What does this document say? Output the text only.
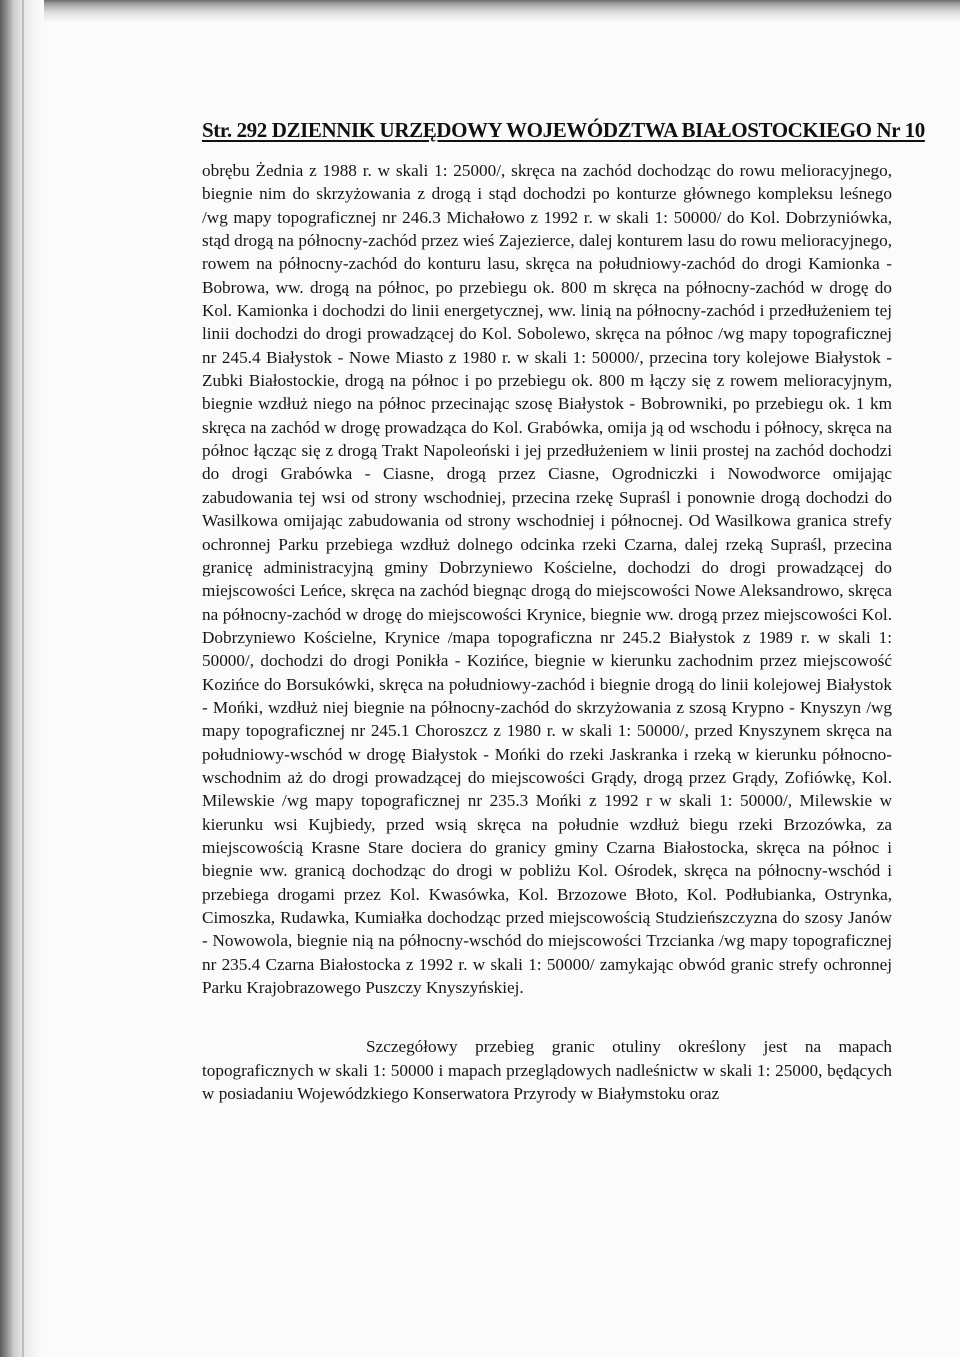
Str. 292 DZIENNIK URZĘDOWY WOJEWÓDZTWA BIAŁOSTOCKIEGO Nr 10

obrębu Żednia z 1988 r. w skali 1: 25000/, skręca na zachód dochodząc do rowu melioracyjnego, biegnie nim do skrzyżowania z drogą i stąd dochodzi po konturze głównego kompleksu leśnego /wg mapy topograficznej nr 246.3 Michałowo z 1992 r. w skali 1: 50000/ do Kol. Dobrzyniówka, stąd drogą na północny-zachód przez wieś Zajezierce, dalej konturem lasu do rowu melioracyjnego, rowem na północny-zachód do konturu lasu, skręca na południowy-zachód do drogi Kamionka - Bobrowa, ww. drogą na północ, po przebiegu ok. 800 m skręca na północny-zachód w drogę do Kol. Kamionka i dochodzi do linii energetycznej, ww. linią na północny-zachód i przedłużeniem tej linii dochodzi do drogi prowadzącej do Kol. Sobolewo, skręca na północ /wg mapy topograficznej nr 245.4 Białystok - Nowe Miasto z 1980 r. w skali 1: 50000/, przecina tory kolejowe Białystok - Zubki Białostockie, drogą na północ i po przebiegu ok. 800 m łączy się z rowem melioracyjnym, biegnie wzdłuż niego na północ przecinając szosę Białystok - Bobrowniki, po przebiegu ok. 1 km skręca na zachód w drogę prowadząca do Kol. Grabówka, omija ją od wschodu i północy, skręca na północ łącząc się z drogą Trakt Napoleoński i jej przedłużeniem w linii prostej na zachód dochodzi do drogi Grabówka - Ciasne, drogą przez Ciasne, Ogrodniczki i Nowodworce omijając zabudowania tej wsi od strony wschodniej, przecina rzekę Supraśl i ponownie drogą dochodzi do Wasilkowa omijając zabudowania od strony wschodniej i północnej. Od Wasilkowa granica strefy ochronnej Parku przebiega wzdłuż dolnego odcinka rzeki Czarna, dalej rzeką Supraśl, przecina granicę administracyjną gminy Dobrzyniewo Kościelne, dochodzi do drogi prowadzącej do miejscowości Leńce, skręca na zachód biegnąc drogą do miejscowości Nowe Aleksandrowo, skręca na północny-zachód w drogę do miejscowości Krynice, biegnie ww. drogą przez miejscowości Kol. Dobrzyniewo Kościelne, Krynice /mapa topograficzna nr 245.2 Białystok z 1989 r. w skali 1: 50000/, dochodzi do drogi Ponikła - Kozińce, biegnie w kierunku zachodnim przez miejscowość Kozińce do Borsukówki, skręca na południowy-zachód i biegnie drogą do linii kolejowej Białystok - Mońki, wzdłuż niej biegnie na północny-zachód do skrzyżowania z szosą Krypno - Knyszyn /wg mapy topograficznej nr 245.1 Choroszcz z 1980 r. w skali 1: 50000/, przed Knyszynem skręca na południowy-wschód w drogę Białystok - Mońki do rzeki Jaskranka i rzeką w kierunku północno-wschodnim aż do drogi prowadzącej do miejscowości Grądy, drogą przez Grądy, Zofiówkę, Kol. Milewskie /wg mapy topograficznej nr 235.3 Mońki z 1992 r w skali 1: 50000/, Milewskie w kierunku wsi Kujbiedy, przed wsią skręca na południe wzdłuż biegu rzeki Brzozówka, za miejscowością Krasne Stare dociera do granicy gminy Czarna Białostocka, skręca na północ i biegnie ww. granicą dochodząc do drogi w pobliżu Kol. Ośrodek, skręca na północny-wschód i przebiega drogami przez Kol. Kwasówka, Kol. Brzozowe Błoto, Kol. Podłubianka, Ostrynka, Cimoszka, Rudawka, Kumiałka dochodząc przed miejscowością Studzieńszczyzna do szosy Janów - Nowowola, biegnie nią na północny-wschód do miejscowości Trzcianka /wg mapy topograficznej nr 235.4 Czarna Białostocka z 1992 r. w skali 1: 50000/ zamykając obwód granic strefy ochronnej Parku Krajobrazowego Puszczy Knyszyńskiej.

Szczegółowy przebieg granic otuliny określony jest na mapach topograficznych w skali 1: 50000 i mapach przeglądowych nadleśnictw w skali 1: 25000, będących w posiadaniu Wojewódzkiego Konserwatora Przyrody w Białymstoku oraz
